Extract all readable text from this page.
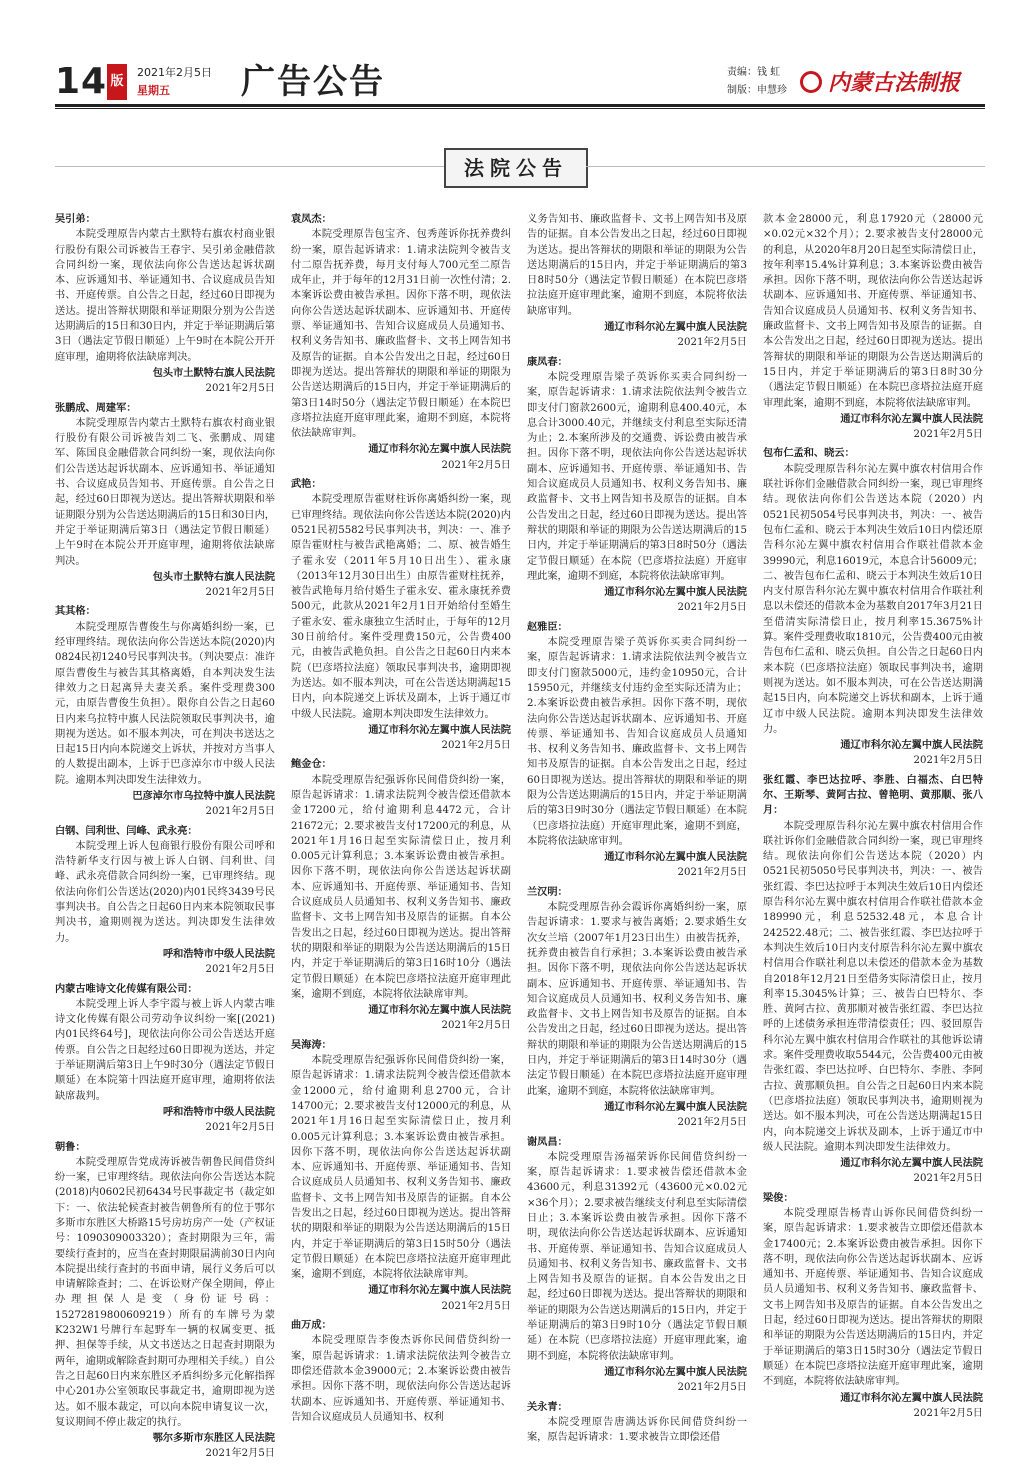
14 版
2021年2月5日
星期五	广告公告	责编：钱 虹
制版：申慧珍 内蒙古法制报
法院公告
吴引弟：

本院受理原告内蒙古土默特右旗农村商业银行股份有限公司诉被告王春宇、吴引弟金融借款合同纠纷一案，现依法向你公告送达起诉状副本、应诉通知书、举证通知书、合议庭成员告知书、开庭传票。自公告之日起，经过60日即视为送达。提出答辩状期限和举证期限分别为公告送达期满后的15日和30日内，并定于举证期满后第3日（遇法定节假日顺延）上午9时在本院公开开庭审理，逾期将依法缺席判决。

包头市土默特右旗人民法院
2021年2月5日
张鹏成、周建军：

本院受理原告内蒙古土默特右旗农村商业银行股份有限公司诉被告刘二飞、张鹏成、周建军、陈国良金融借款合同纠纷一案，现依法向你们公告送达起诉状副本、应诉通知书、举证通知书、合议庭成员告知书、开庭传票。自公告之日起，经过60日即视为送达。提出答辩状期限和举证期限分别为公告送达期满后的15日和30日内，并定于举证期满后第3日（遇法定节假日顺延）上午9时在本院公开开庭审理，逾期将依法缺席判决。

包头市土默特右旗人民法院
2021年2月5日
其其格：

本院受理原告曹俊生与你离婚纠纷一案，已经审理终结。现依法向你公告送达本院(2020)内0824民初1240号民事判决书。（判决要点：准许原告曹俊生与被告其其格离婚，自本判决发生法律效力之日起离异夫妻关系。案件受理费300元，由原告曹俊生负担）。限你自公告之日起60日内来乌拉特中旗人民法院领取民事判决书，逾期视为送达。如不服本判决，可在判决书送达之日起15日内向本院递交上诉状，并按对方当事人的人数提出副本，上诉于巴彦淖尔市中级人民法院。逾期本判决即发生法律效力。

巴彦淖尔市乌拉特中旗人民法院
2021年2月5日
白钢、闫利世、闫峰、武永亮：

本院受理上诉人包商银行股份有限公司呼和浩特新华支行因与被上诉人白钢、闫利世、闫峰、武永亮借款合同纠纷一案，已审理终结。现依法向你们公告送达(2020)内01民终3439号民事判决书。自公告之日起60日内来本院领取民事判决书，逾期则视为送达。判决即发生法律效力。

呼和浩特市中级人民法院
2021年2月5日
内蒙古唯诗文化传媒有限公司：

本院受理上诉人李宇霞与被上诉人内蒙古唯诗文化传媒有限公司劳动争议纠纷一案[(2021)内01民终64号]，现依法向你公司公告送达开庭传票。自公告之日起经过60日即视为送达，并定于举证期满后第3日上午9时30分（遇法定节假日顺延）在本院第十四法庭开庭审理，逾期将依法缺席裁判。

呼和浩特市中级人民法院
2021年2月5日
朝鲁：

本院受理原告党成涛诉被告朝鲁民间借贷纠纷一案，已审理终结。现依法向你公告送达本院(2018)内0602民初6434号民事裁定书（裁定如下：一、依法轮候查封被告朝鲁所有的位于鄂尔多斯市东胜区大桥路15号房坊房产一处（产权证号：1090309003320）；查封期限为三年，需要续行查封的，应当在查封期限届满前30日内向本院提出续行查封的书面申请，展行义务后可以申请解除查封；二、在诉讼财产保全期间，停止办理担保人是变（身份证号码：15272819800609219）所有的车牌号为蒙K232W1号牌行车起野车一辆的权属变更、抵押、担保等手续，从文书送达之日起查封期限为两年，逾期或解除查封期可办理相关手续。）自公告之日起60日内来东胜区矛盾纠纷多元化解指挥中心201办公室领取民事裁定书，逾期即视为送达。如不服本裁定，可以向本院申请复议一次，复议期间不停止裁定的执行。

鄂尔多斯市东胜区人民法院
2021年2月5日
袁凤杰：

本院受理原告包宝齐、包秀莲诉你抚养费纠纷一案，原告起诉请求：1.请求法院判令被告支付二原告抚养费，每月支付每人700元至二原告成年止，并于每年的12月31日前一次性付清；2.本案诉讼费由被告承担。因你下落不明，现依法向你公告送达起诉状副本、应诉通知书、开庭传票、举证通知书、告知合议庭成员人员通知书、权利义务告知书、廉政监督卡、文书上网告知书及原告的证据。自本公告发出之日起，经过60日即视为送达。提出答辩状的期限和举证的期限为公告送达期满后的15日内，并定于举证期满后的第3日14时50分（遇法定节假日顺延）在本院巴彦塔拉法庭开庭审理此案，逾期不到庭，本院将依法缺席审判。

通辽市科尔沁左翼中旗人民法院
2021年2月5日
武艳：

本院受理原告霍财柱诉你离婚纠纷一案，现已审理终结。现依法向你公告送达本院(2020)内0521民初5582号民事判决书，判决：一、准予原告霍财柱与被告武艳离婚；二、原、被告婚生子霍永安（2011年5月10日出生）、霍永康（2013年12月30日出生）由原告霍财柱抚养，被告武艳每月给付婚生子霍永安、霍永康抚养费500元，此款从2021年2月1日开始给付至婚生子霍永安、霍永康独立生活时止，于每年的12月30日前给付。案件受理费150元，公告费400元，由被告武艳负担。自公告之日起60日内来本院（巴彦塔拉法庭）领取民事判决书，逾期即视为送达。如不服本判决，可在公告送达期满起15日内，向本院递交上诉状及副本，上诉于通辽市中级人民法院。逾期本判决即发生法律效力。

通辽市科尔沁左翼中旗人民法院
2021年2月5日
鲍金仓：

本院受理原告纪强诉你民间借贷纠纷一案，原告起诉请求：1.请求法院判令被告偿还借款本金17200元，给付逾期利息4472元，合计21672元；2.要求被告支付17200元的利息，从2021年1月16日起至实际清偿日止，按月利0.005元计算利息；3.本案诉讼费由被告承担。因你下落不明，现依法向你公告送达起诉状副本、应诉通知书、开庭传票、举证通知书、告知合议庭成员人员通知书、权利义务告知书、廉政监督卡、文书上网告知书及原告的证据。自本公告发出之日起，经过60日即视为送达。提出答辩状的期限和举证的期限为公告送达期满后的15日内，并定于举证期满后的第3日16时10分（遇法定节假日顺延）在本院巴彦塔拉法庭开庭审理此案，逾期不到庭，本院将依法缺席审判。

通辽市科尔沁左翼中旗人民法院
2021年2月5日
吴海涛：

本院受理原告纪强诉你民间借贷纠纷一案，原告起诉请求：1.请求法院判令被告偿还借款本金12000元，给付逾期利息2700元，合计14700元；2.要求被告支付12000元的利息，从2021年1月16日起至实际清偿日止，按月利0.005元计算利息；3.本案诉讼费由被告承担。因你下落不明，现依法向你公告送达起诉状副本、应诉通知书、开庭传票、举证通知书、告知合议庭成员人员通知书、权利义务告知书、廉政监督卡、文书上网告知书及原告的证据。自本公告发出之日起，经过60日即视为送达。提出答辩状的期限和举证的期限为公告送达期满后的15日内，并定于举证期满后的第3日15时50分（遇法定节假日顺延）在本院巴彦塔拉法庭开庭审理此案，逾期不到庭，本院将依法缺席审判。

通辽市科尔沁左翼中旗人民法院
2021年2月5日
曲万成：

本院受理原告李俊杰诉你民间借贷纠纷一案，原告起诉请求：1.请求法院依法判令被告立即偿还借款本金39000元；2.本案诉讼费由被告承担。因你下落不明，现依法向你公告送达起诉状副本、应诉通知书、开庭传票、举证通知书、告知合议庭成员人员通知书、权利

义务告知书、廉政监督卡、文书上网告知书及原告的证据。自本公告发出之日起，经过60日即视为送达。提出答辩状的期限和举证的期限为公告送达期满后的15日内，并定于举证期满后的第3日8时50分（遇法定节假日顺延）在本院巴彦塔拉法庭开庭审理此案，逾期不到庭，本院将依法缺席审判。

通辽市科尔沁左翼中旗人民法院
2021年2月5日
康凤春：

本院受理原告梁子英诉你买卖合同纠纷一案，原告起诉请求：1.请求法院依法判令被告立即支付门窗款2600元，逾期利息400.40元，本息合计3000.40元，并继续支付利息至实际还清为止；2.本案所涉及的交通费、诉讼费由被告承担。因你下落不明，现依法向你公告送达起诉状副本、应诉通知书、开庭传票、举证通知书、告知合议庭成员人员通知书、权利义务告知书、廉政监督卡、文书上网告知书及原告的证据。自本公告发出之日起，经过60日即视为送达。提出答辩状的期限和举证的期限为公告送达期满后的15日内，并定于举证期满后的第3日8时50分（遇法定节假日顺延）在本院（巴彦塔拉法庭）开庭审理此案，逾期不到庭，本院将依法缺席审判。

通辽市科尔沁左翼中旗人民法院
2021年2月5日
赵雅臣：

本院受理原告梁子英诉你买卖合同纠纷一案，原告起诉请求：1.请求法院依法判令被告立即支付门窗款5000元，违约金10950元，合计15950元，并继续支付违约金至实际还清为止；2.本案诉讼费由被告承担。因你下落不明，现依法向你公告送达起诉状副本、应诉通知书、开庭传票、举证通知书、告知合议庭成员人员通知书、权利义务告知书、廉政监督卡、文书上网告知书及原告的证据。自本公告发出之日起，经过60日即视为送达。提出答辩状的期限和举证的期限为公告送达期满后的15日内，并定于举证期满后的第3日9时30分（遇法定节假日顺延）在本院（巴彦塔拉法庭）开庭审理此案，逾期不到庭，本院将依法缺席审判。

通辽市科尔沁左翼中旗人民法院
2021年2月5日
兰汉明：

本院受理原告孙会霞诉你离婚纠纷一案，原告起诉请求：1.要求与被告离婚；2.要求婚生女次女兰培（2007年1月23日出生）由被告抚养，抚养费由被告自行承担；3.本案诉讼费由被告承担。因你下落不明，现依法向你公告送达起诉状副本、应诉通知书、开庭传票、举证通知书、告知合议庭成员人员通知书、权利义务告知书、廉政监督卡、文书上网告知书及原告的证据。自本公告发出之日起，经过60日即视为送达。提出答辩状的期限和举证的期限为公告送达期满后的15日内，并定于举证期满后的第3日14时30分（遇法定节假日顺延）在本院巴彦塔拉法庭开庭审理此案，逾期不到庭，本院将依法缺席审判。

通辽市科尔沁左翼中旗人民法院
2021年2月5日
谢凤昌：

本院受理原告汤福荣诉你民间借贷纠纷一案，原告起诉请求：1.要求被告偿还借款本金43600元，利息31392元（43600元×0.02元×36个月）；2.要求被告继续支付利息至实际清偿日止；3.本案诉讼费由被告承担。因你下落不明，现依法向你公告送达起诉状副本、应诉通知书、开庭传票、举证通知书、告知合议庭成员人员通知书、权利义务告知书、廉政监督卡、文书上网告知书及原告的证据。自本公告发出之日起，经过60日即视为送达。提出答辩状的期限和举证的期限为公告送达期满后的15日内，并定于举证期满后的第3日9时10分（遇法定节假日顺延）在本院（巴彦塔拉法庭）开庭审理此案，逾期不到庭，本院将依法缺席审判。

通辽市科尔沁左翼中旗人民法院
2021年2月5日
关永青：

本院受理原告唐满达诉你民间借贷纠纷一案，原告起诉请求：1.要求被告立即偿还借

款本金28000元，利息17920元（28000元×0.02元×32个月）；2.要求被告支付28000元的利息，从2020年8月20日起至实际清偿日止，按年利率15.4%计算利息；3.本案诉讼费由被告承担。因你下落不明，现依法向你公告送达起诉状副本、应诉通知书、开庭传票、举证通知书、告知合议庭成员人员通知书、权利义务告知书、廉政监督卡、文书上网告知书及原告的证据。自本公告发出之日起，经过60日即视为送达。提出答辩状的期限和举证的期限为公告送达期满后的15日内，并定于举证期满后的第3日8时30分（遇法定节假日顺延）在本院巴彦塔拉法庭开庭审理此案，逾期不到庭，本院将依法缺席审判。

通辽市科尔沁左翼中旗人民法院
2021年2月5日
包布仁孟和、晓云：

本院受理原告科尔沁左翼中旗农村信用合作联社诉你们金融借款合同纠纷一案，现已审理终结。现依法向你们公告送达本院（2020）内0521民初5054号民事判决书，判决：一、被告包布仁孟和、晓云于本判决生效后10日内偿还原告科尔沁左翼中旗农村信用合作联社借款本金39990元，利息16019元，本息合计56009元；二、被告包布仁孟和、晓云于本判决生效后10日内支付原告科尔沁左翼中旗农村信用合作联社利息以未偿还的借款本金为基数自2017年3月21日至借清实际清偿日止，按月利率15.3675%计算。案件受理费收取1810元，公告费400元由被告包布仁孟和、晓云负担。自公告之日起60日内来本院（巴彦塔拉法庭）领取民事判决书，逾期则视为送达。如不服本判决，可在公告送达期满起15日内，向本院递交上诉状和副本，上诉于通辽市中级人民法院。逾期本判决即发生法律效力。

通辽市科尔沁左翼中旗人民法院
2021年2月5日
张红霞、李巴达拉呼、李胜、白福杰、白巴特尔、王斯琴、黄阿古拉、曾艳明、黄那顺、张八月：

本院受理原告科尔沁左翼中旗农村信用合作联社诉你们金融借款合同纠纷一案，现已审理终结。现依法向你们公告送达本院（2020）内0521民初5050号民事判决书，判决：一、被告张红霞、李巴达拉呼于本判决生效后10日内偿还原告科尔沁左翼中旗农村信用合作联社借款本金189990元，利息52532.48元，本息合计242522.48元；二、被告张红霞、李巴达拉呼于本判决生效后10日内支付原告科尔沁左翼中旗农村信用合作联社利息以未偿还的借款本金为基数自2018年12月21日至借务实际清偿日止，按月利率15.3045%计算；三、被告白巴特尔、李胜、黄阿古拉、黄那顺对被告张红霞、李巴达拉呼的上述债务承担连带清偿责任；四、驳回原告科尔沁左翼中旗农村信用合作联社的其他诉讼请求。案件受理费收取5544元，公告费400元由被告张红霞、李巴达拉呼、白巴特尔、李胜、李阿古拉、黄那顺负担。自公告之日起60日内来本院（巴彦塔拉法庭）领取民事判决书，逾期则视为送达。如不服本判决，可在公告送达期满起15日内，向本院递交上诉状及副本，上诉于通辽市中级人民法院。逾期本判决即发生法律效力。

通辽市科尔沁左翼中旗人民法院
2021年2月5日
梁俊：

本院受理原告杨青山诉你民间借贷纠纷一案，原告起诉请求：1.要求被告立即偿还借款本金17400元；2.本案诉讼费由被告承担。因你下落不明，现依法向你公告送达起诉状副本、应诉通知书、开庭传票、举证通知书、告知合议庭成员人员通知书、权利义务告知书、廉政监督卡、文书上网告知书及原告的证据。自本公告发出之日起，经过60日即视为送达。提出答辩状的期限和举证的期限为公告送达期满后的15日内，并定于举证期满后的第3日15时30分（遇法定节假日顺延）在本院巴彦塔拉法庭开庭审理此案，逾期不到庭，本院将依法缺席审判。

通辽市科尔沁左翼中旗人民法院
2021年2月5日
